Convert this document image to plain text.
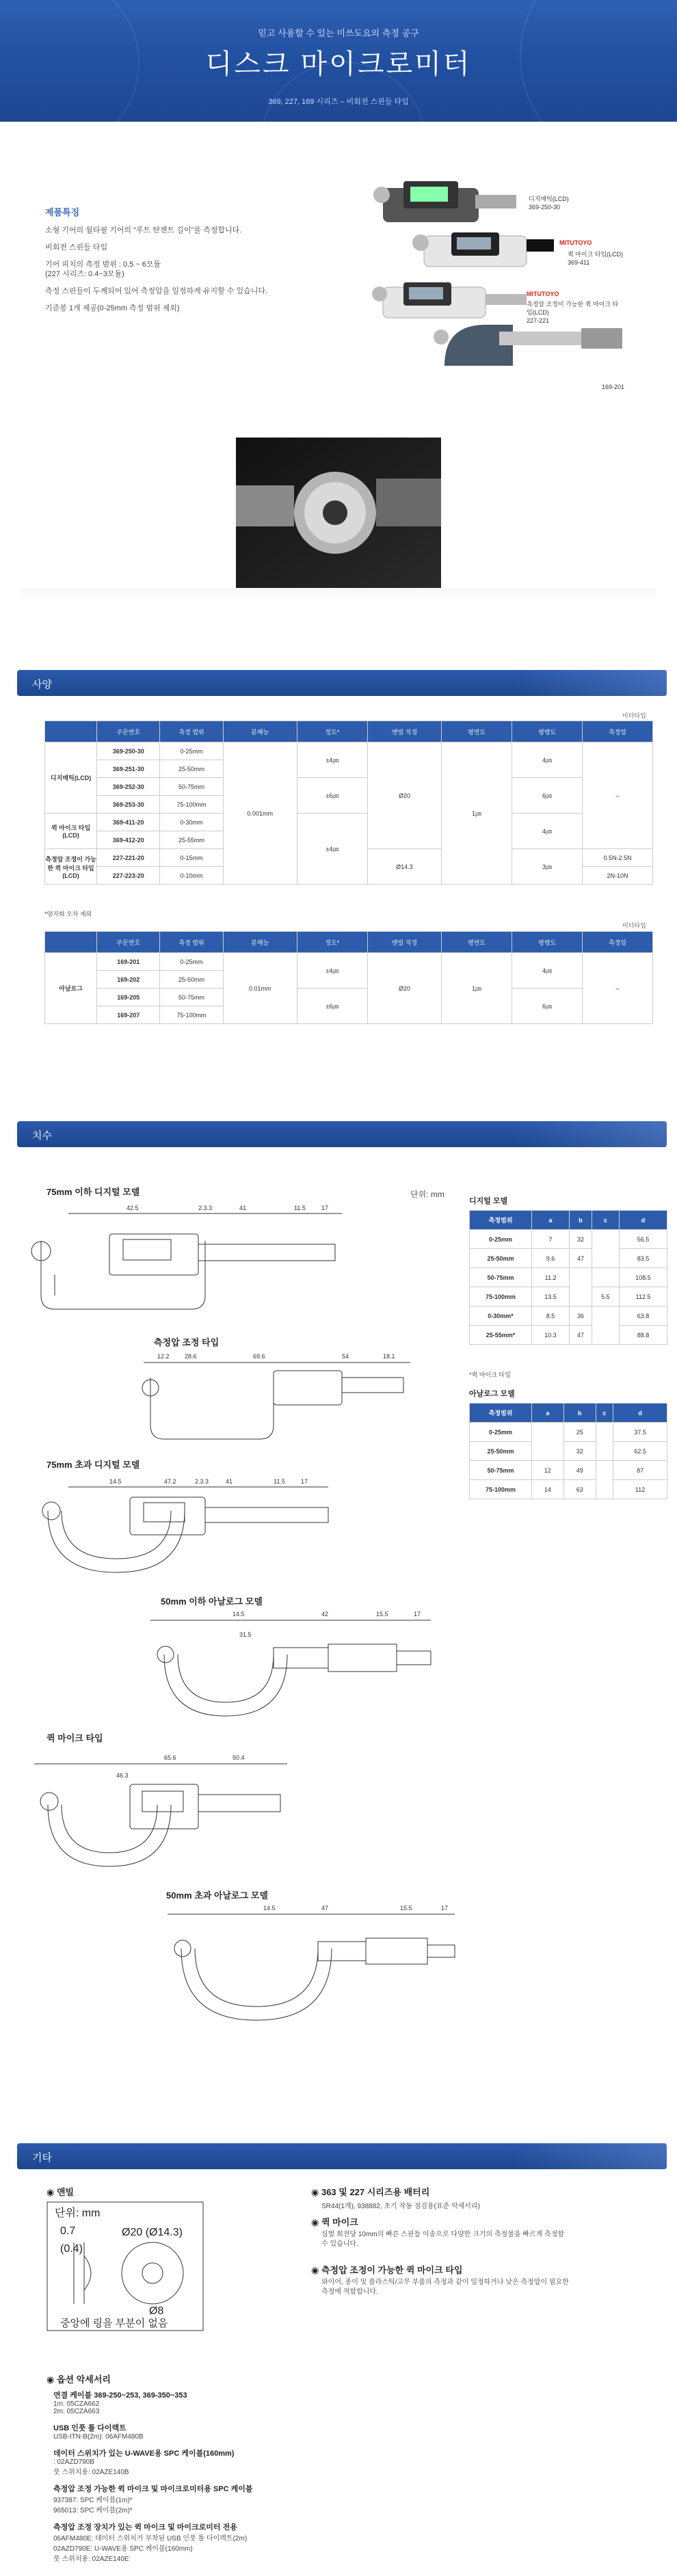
믿고 사용할 수 있는 미쓰도요의 측정 공구
디스크 마이크로미터
369, 227, 169 시리즈 – 비회전 스핀들 타입
제품특징
소형 기어의 월타필 기어의 "루트 탄젠트 길이"를 측정합니다.
비회전 스핀들 타입
기어 피치의 측정 범위 : 0.5 ~ 6모듈
(227 시리즈: 0.4~3모듈)
측정 스핀들이 두께되어 있어 측정압을 일정하게 유지할 수 있습니다.
기준봉 1개 제공(0-25mm 측정 범위 제외)
디지매틱(LCD)
369-250-30
MITUTOYO
퀵 마이크 타입(LCD)
369-411
MITUTOYO
측정압 조정이 가능한 퀵 마이크 타입(LCD)
227-221
169-201
사양
미터타입
	주문번호	측정 범위	분해능	정도*	앤빌 직경	평면도	평행도	측정압
디지매틱(LCD)	369-250-30	0-25mm	0.001mm	±4㎛	Ø20	1㎛	4㎛	–
	369-251-30	25-50mm						
	369-252-30	50-75mm		±6㎛			6㎛	
	369-253-30	75-100mm						
퀵 마이크 타입 (LCD)	369-411-20	0-30mm		±4㎛			4㎛	
	369-412-20	25-55mm						
측정압 조정이 가능한 퀵 마이크 타입 (LCD)	227-221-20	0-15mm			Ø14.3		3㎛	0.5N-2.5N
	227-223-20	0-10mm						2N-10N
*양자화 오차 제외
미터타입
	주문번호	측정 범위	분해능	정도*	앤빌 직경	평면도	평행도	측정압
아날로그	169-201	0-25mm	0.01mm	±4㎛	Ø20	1㎛	4㎛	–
	169-202	25-50mm						
	169-205	50-75mm		±6㎛			6㎛	
	169-207	75-100mm						
치수
단위: mm
75mm 이하 디지털 모델
42.5	2.3.3	41	11.5	17
측정압 조정 타입
12.2 28.6	69.6	54	18.1
75mm 초과 디지털 모델
14.5	47.2	2.3.3	41	11.5	17
50mm 이하 아날로그 모델
14.5
31.5
42	15.5	17
퀵 마이크 타입
46.3
65.6	50.4
50mm 초과 아날로그 모델
14.5	47	15.5	17
디지털 모델
측정범위	a	b	c	d
0-25mm	7	32		56.5
25-50mm	9.6	47		83.5
50-75mm	11.2			108.5
75-100mm	13.5		5.5	112.5
0-30mm*	8.5	36		63.8
25-55mm*	10.3	47		88.8
*퀵 마이크 타입
아날로그 모델
측정범위	a	b	c	d
0-25mm		25		37.5
25-50mm		32		62.5
50-75mm	12	49		87
75-100mm	14	63		112
기타
◉ 앤빌
단위: mm
0.7
(0.4)
Ø20 (Ø14.3)
Ø8
중앙에 링을 부분이 없음
◉ 363 및 227 시리즈용 배터리
SR44(1개), 938882, 초기 작동 점검용(표준 악세서리)
◉ 퀵 마이크
심벌 회전당 10mm의 빠른 스핀들 이송으로 다양한 크기의 측정물을 빠르게 측정할 수 있습니다.
◉ 측정압 조정이 가능한 퀵 마이크 타입
와이어, 종이 및 플라스틱/고무 부품의 측정과 같이 일정하거나 낮은 측정압이 필요한 측정에 적합합니다.
◉ 옵션 악세서리
연결 케이블 369-250~253, 369-350~353
1m: 05CZA662
2m: 05CZA663
USB 인풋 툴 다이렉트
USB-ITN-B(2m): 06AFM480B
데이터 스위치가 있는 U-WAVE용 SPC 케이블(160mm)
: 02AZD790B
풋 스위치용: 02AZE140B
측정압 조정 가능한 퀵 마이크 및 마이크로미터용 SPC 케이블
937387: SPC 케이블(1m)*
965013: SPC 케이블(2m)*
측정압 조정 장치가 있는 퀵 마이크 및 마이크로미터 전용
06AFM480E: 데이터 스위치가 부착된 USB 인풋 툴 다이렉트(2m)
02AZD790E: U-WAVE용 SPC 케이블(160mm)
풋 스위치용: 02AZE140E
